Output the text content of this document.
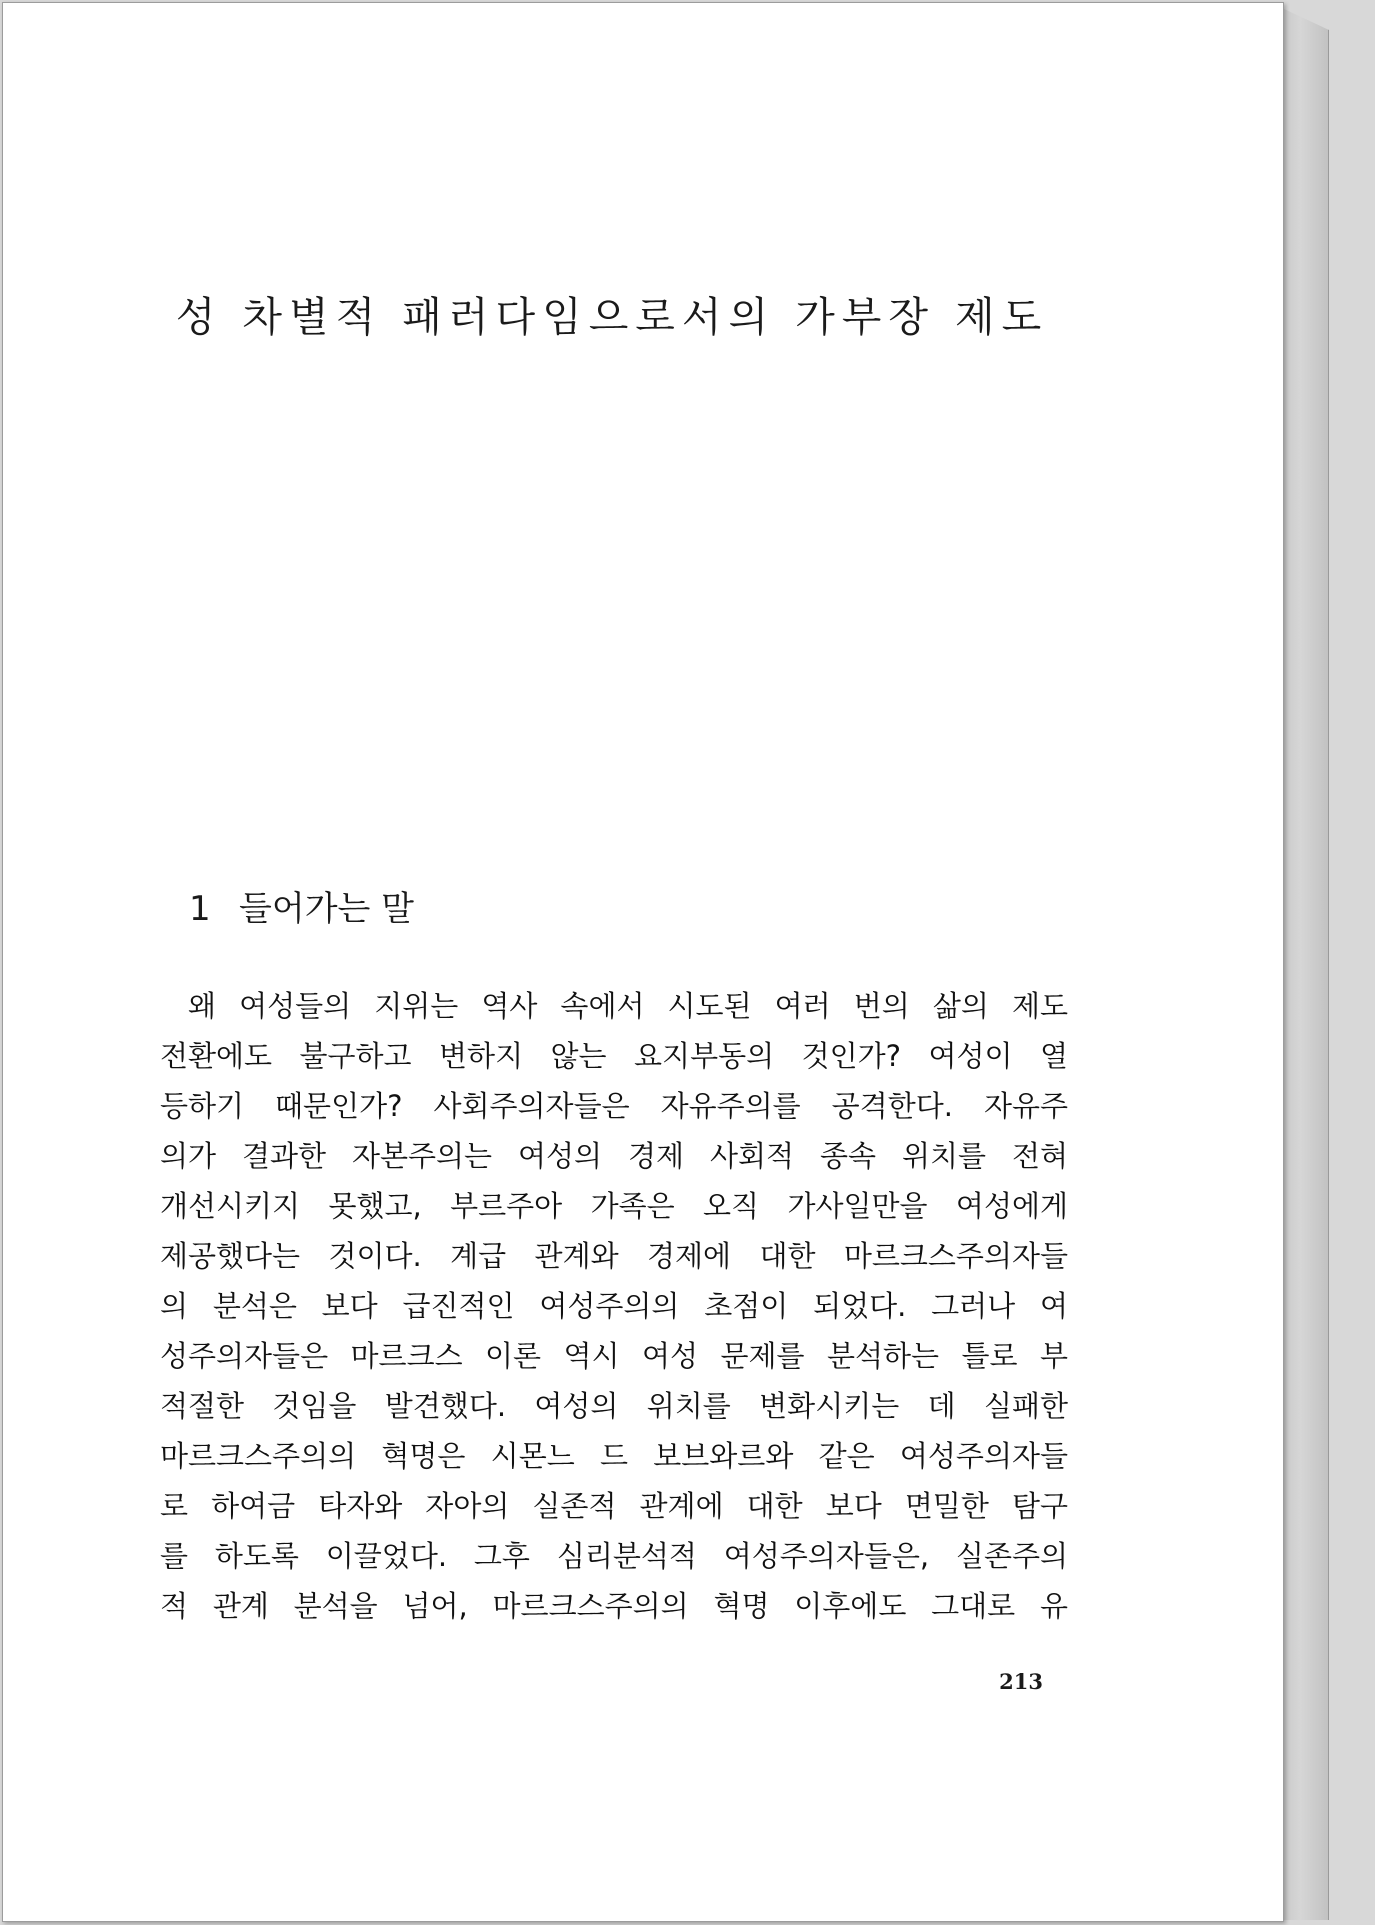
성 차별적 패러다임으로서의 가부장 제도
1 들어가는 말
왜 여성들의 지위는 역사 속에서 시도된 여러 번의 삶의 제도
전환에도 불구하고 변하지 않는 요지부동의 것인가? 여성이 열
등하기 때문인가? 사회주의자들은 자유주의를 공격한다. 자유주
의가 결과한 자본주의는 여성의 경제 사회적 종속 위치를 전혀
개선시키지 못했고, 부르주아 가족은 오직 가사일만을 여성에게
제공했다는 것이다. 계급 관계와 경제에 대한 마르크스주의자들
의 분석은 보다 급진적인 여성주의의 초점이 되었다. 그러나 여
성주의자들은 마르크스 이론 역시 여성 문제를 분석하는 틀로 부
적절한 것임을 발견했다. 여성의 위치를 변화시키는 데 실패한
마르크스주의의 혁명은 시몬느 드 보브와르와 같은 여성주의자들
로 하여금 타자와 자아의 실존적 관계에 대한 보다 면밀한 탐구
를 하도록 이끌었다. 그후 심리분석적 여성주의자들은, 실존주의
적 관계 분석을 넘어, 마르크스주의의 혁명 이후에도 그대로 유
213
